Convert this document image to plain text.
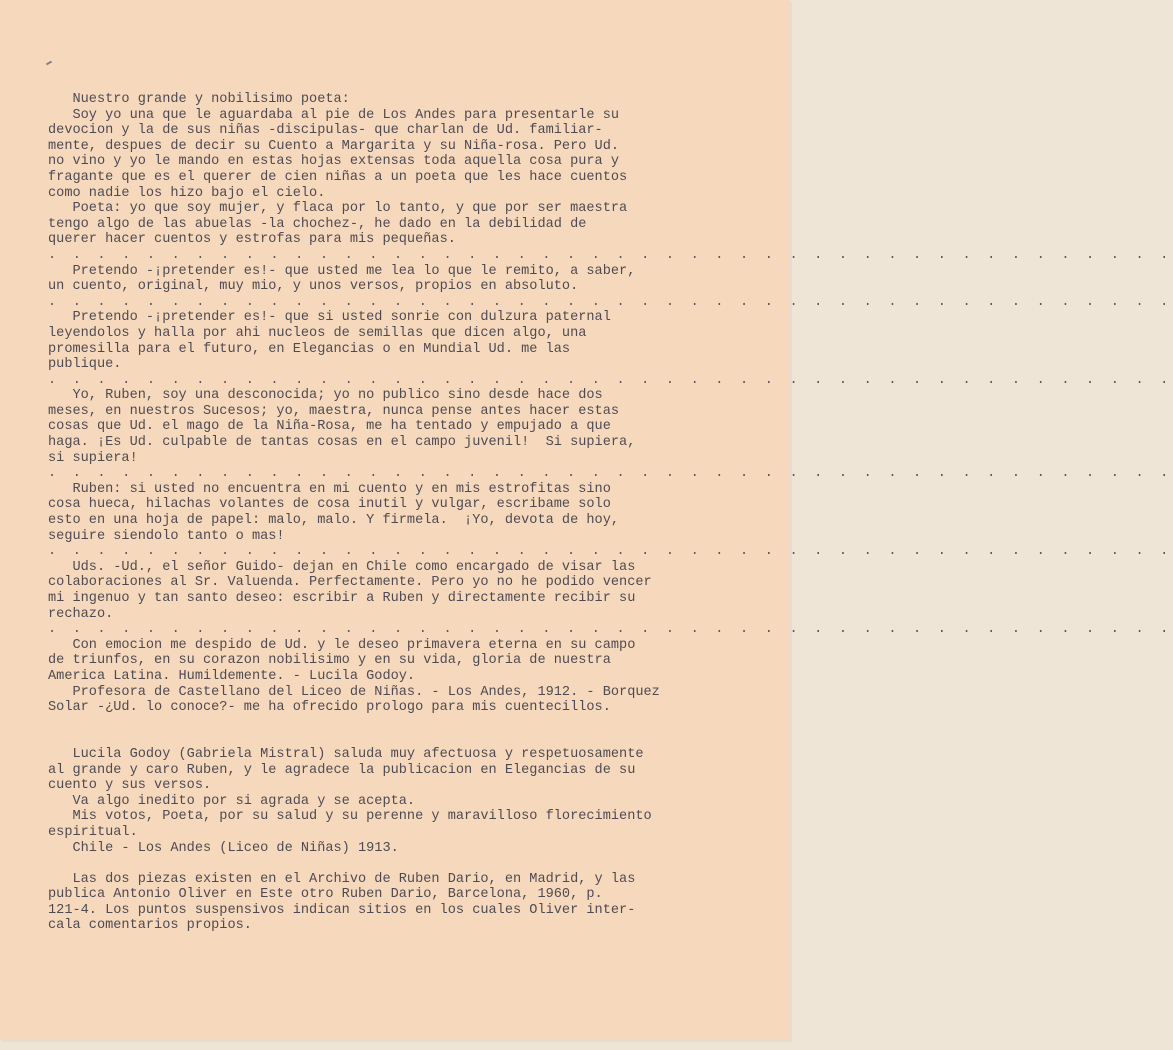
Nuestro grande y nobilisimo poeta:
Soy yo una que le aguardaba al pie de Los Andes para presentarle su
devocion y la de sus niñas -discipulas- que charlan de Ud. familiar-
mente, despues de decir su Cuento a Margarita y su Niña-rosa. Pero Ud.
no vino y yo le mando en estas hojas extensas toda aquella cosa pura y
fragante que es el querer de cien niñas a un poeta que les hace cuentos
como nadie los hizo bajo el cielo.
Poeta: yo que soy mujer, y flaca por lo tanto, y que por ser maestra
tengo algo de las abuelas -la chochez-, he dado en la debilidad de
querer hacer cuentos y estrofas para mis pequeñas.
. . . . . . . . . . . . . . . . . . . . . . . . . . . . . . . . . . . . . . . . . . . . . .
Pretendo -¡pretender es!- que usted me lea lo que le remito, a saber,
un cuento, original, muy mio, y unos versos, propios en absoluto.
. . . . . . . . . . . . . . . . . . . . . . . . . . . . . . . . . . . . . . . . . . . . . .
Pretendo -¡pretender es!- que si usted sonrie con dulzura paternal
leyendolos y halla por ahi nucleos de semillas que dicen algo, una
promesilla para el futuro, en Elegancias o en Mundial Ud. me las
publique.
. . . . . . . . . . . . . . . . . . . . . . . . . . . . . . . . . . . . . . . . . . . . . .
Yo, Ruben, soy una desconocida; yo no publico sino desde hace dos
meses, en nuestros Sucesos; yo, maestra, nunca pense antes hacer estas
cosas que Ud. el mago de la Niña-Rosa, me ha tentado y empujado a que
haga. ¡Es Ud. culpable de tantas cosas en el campo juvenil!  Si supiera,
si supiera!
. . . . . . . . . . . . . . . . . . . . . . . . . . . . . . . . . . . . . . . . . . . . . .
Ruben: si usted no encuentra en mi cuento y en mis estrofitas sino
cosa hueca, hilachas volantes de cosa inutil y vulgar, escribame solo
esto en una hoja de papel: malo, malo. Y firmela.  ¡Yo, devota de hoy,
seguire siendolo tanto o mas!
. . . . . . . . . . . . . . . . . . . . . . . . . . . . . . . . . . . . . . . . . . . . . .
Uds. -Ud., el señor Guido- dejan en Chile como encargado de visar las
colaboraciones al Sr. Valuenda. Perfectamente. Pero yo no he podido vencer
mi ingenuo y tan santo deseo: escribir a Ruben y directamente recibir su
rechazo.
. . . . . . . . . . . . . . . . . . . . . . . . . . . . . . . . . . . . . . . . . . . . . .
Con emocion me despido de Ud. y le deseo primavera eterna en su campo
de triunfos, en su corazon nobilisimo y en su vida, gloria de nuestra
America Latina. Humildemente. - Lucila Godoy.
Profesora de Castellano del Liceo de Niñas. - Los Andes, 1912. - Borquez
Solar -¿Ud. lo conoce?- me ha ofrecido prologo para mis cuentecillos.
Lucila Godoy (Gabriela Mistral) saluda muy afectuosa y respetuosamente
al grande y caro Ruben, y le agradece la publicacion en Elegancias de su
cuento y sus versos.
Va algo inedito por si agrada y se acepta.
Mis votos, Poeta, por su salud y su perenne y maravilloso florecimiento
espiritual.
Chile - Los Andes (Liceo de Niñas) 1913.
Las dos piezas existen en el Archivo de Ruben Dario, en Madrid, y las
publica Antonio Oliver en Este otro Ruben Dario, Barcelona, 1960, p.
121-4. Los puntos suspensivos indican sitios en los cuales Oliver inter-
cala comentarios propios.
